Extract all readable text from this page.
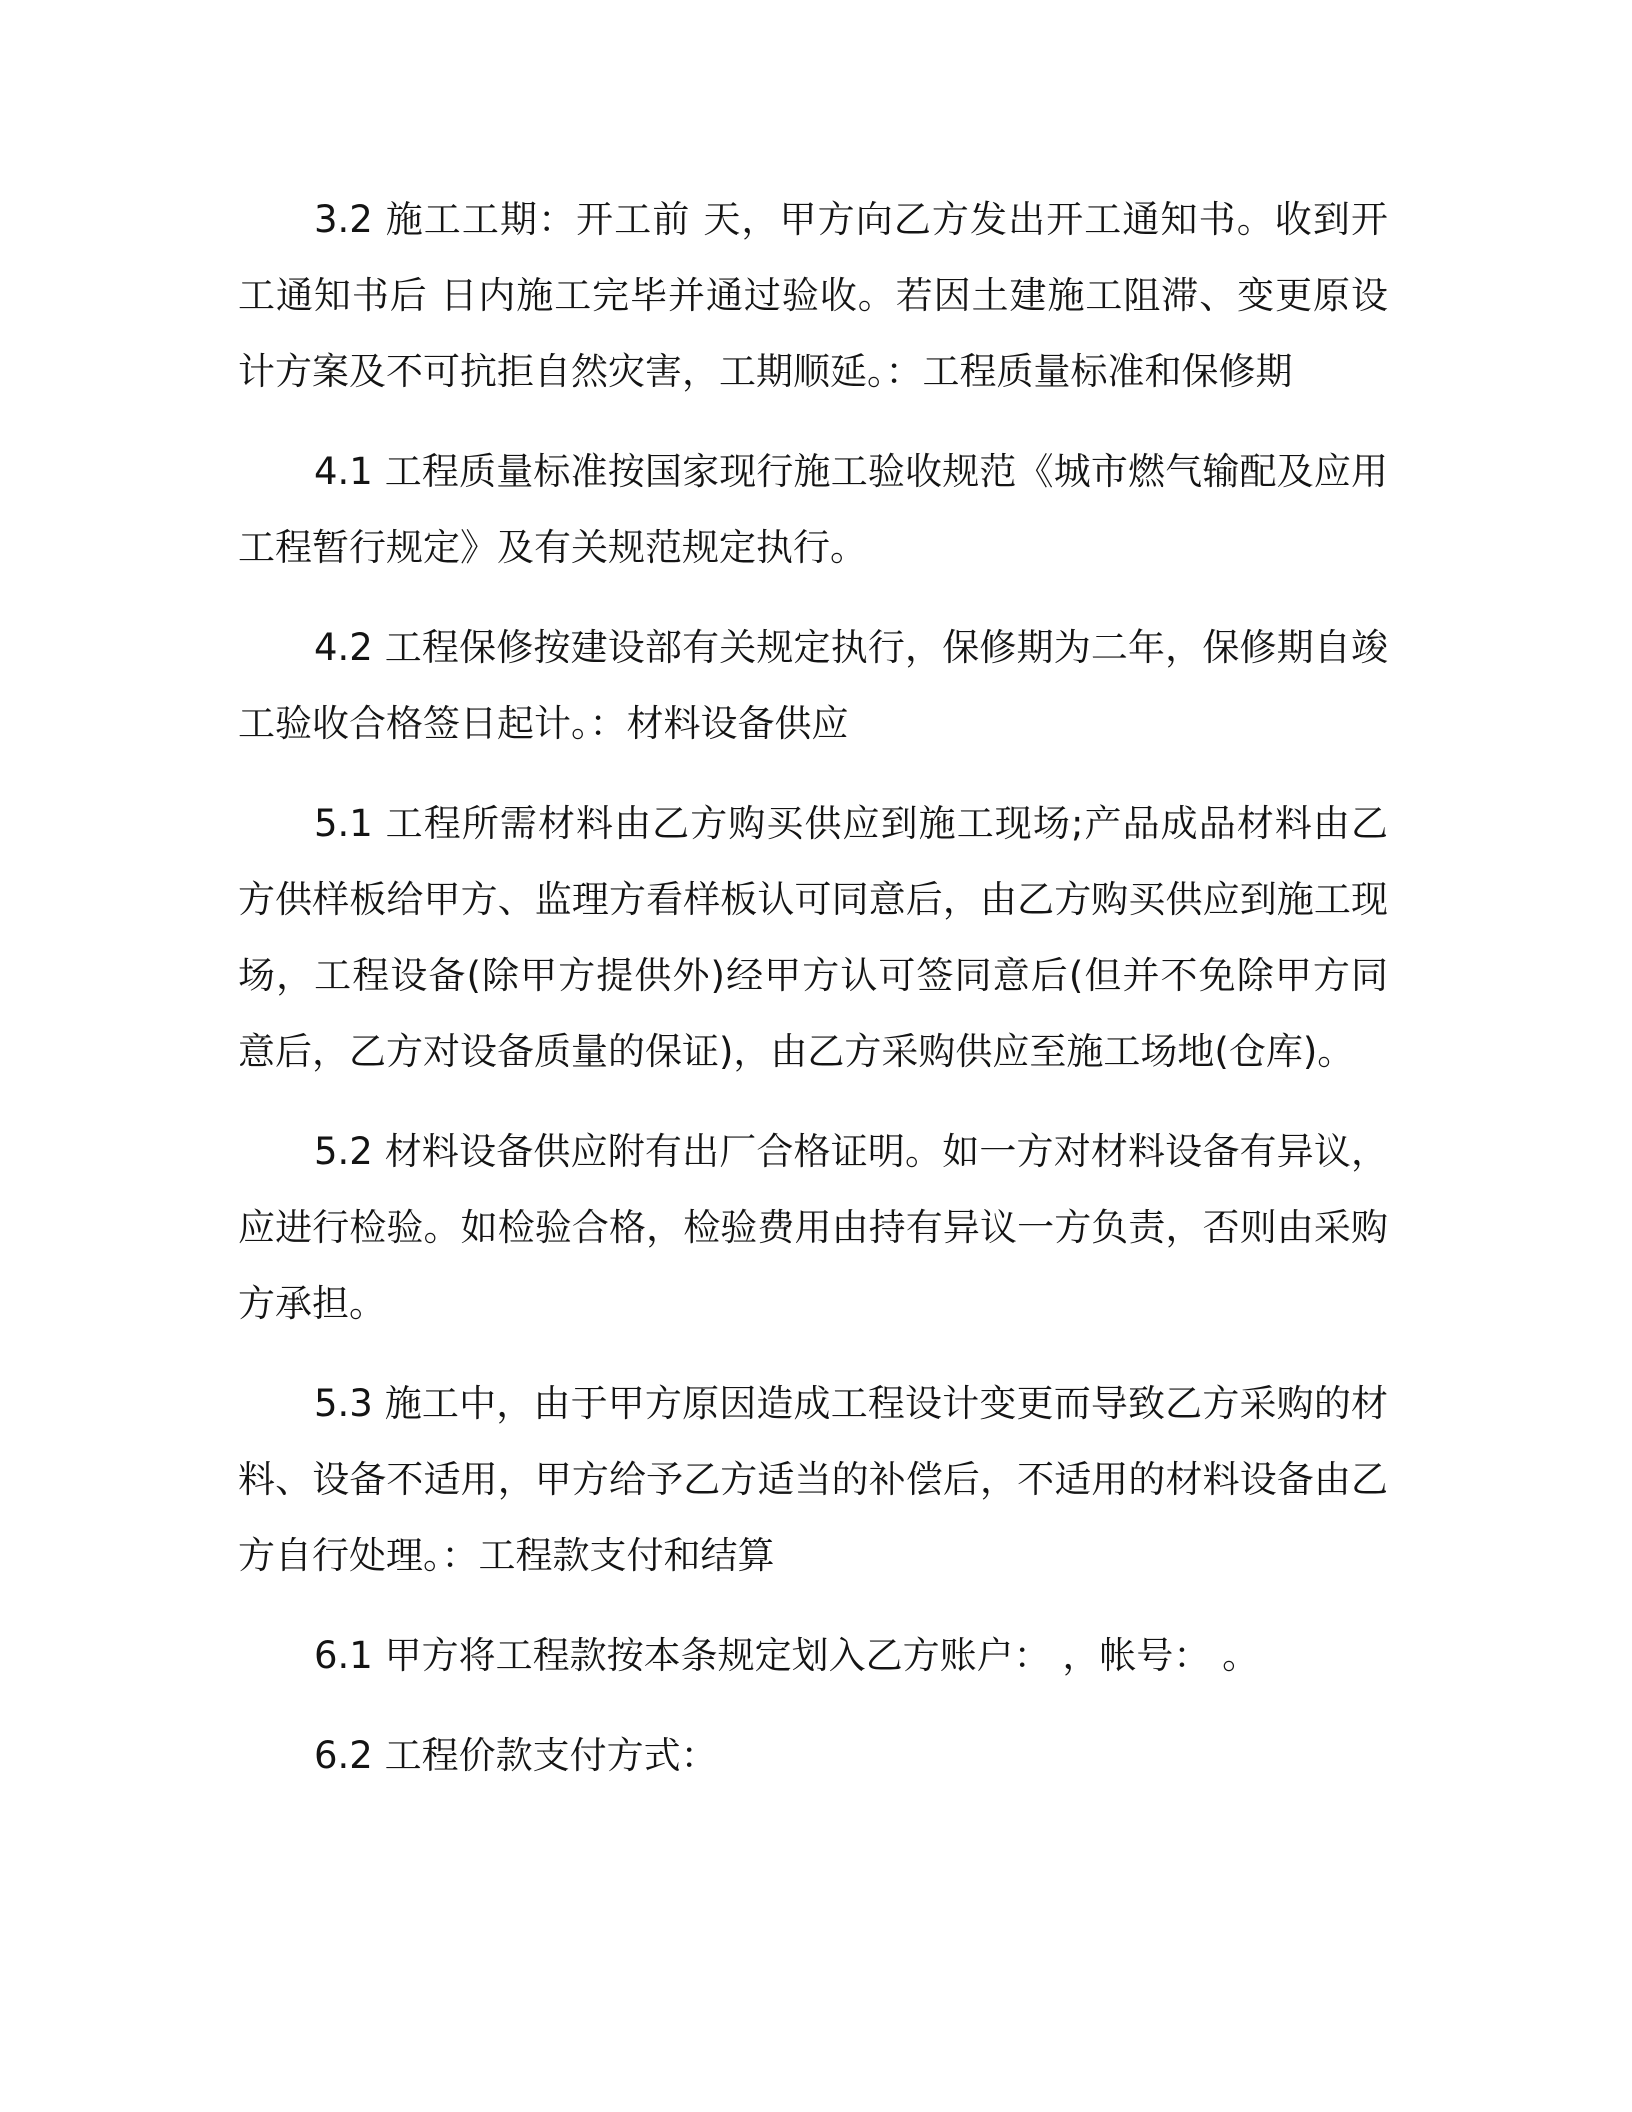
3.2 施工工期：开工前 天，甲方向乙方发出开工通知书。收到开工通知书后 日内施工完毕并通过验收。若因土建施工阻滞、变更原设计方案及不可抗拒自然灾害，工期顺延。：工程质量标准和保修期

4.1 工程质量标准按国家现行施工验收规范《城市燃气输配及应用工程暂行规定》及有关规范规定执行。

4.2 工程保修按建设部有关规定执行，保修期为二年，保修期自竣工验收合格签日起计。：材料设备供应

5.1 工程所需材料由乙方购买供应到施工现场;产品成品材料由乙方供样板给甲方、监理方看样板认可同意后，由乙方购买供应到施工现场，工程设备(除甲方提供外)经甲方认可签同意后(但并不免除甲方同意后，乙方对设备质量的保证)，由乙方采购供应至施工场地(仓库)。

5.2 材料设备供应附有出厂合格证明。如一方对材料设备有异议，应进行检验。如检验合格，检验费用由持有异议一方负责，否则由采购方承担。

5.3 施工中，由于甲方原因造成工程设计变更而导致乙方采购的材料、设备不适用，甲方给予乙方适当的补偿后，不适用的材料设备由乙方自行处理。：工程款支付和结算

6.1 甲方将工程款按本条规定划入乙方账户： ，帐号： 。

6.2 工程价款支付方式：
